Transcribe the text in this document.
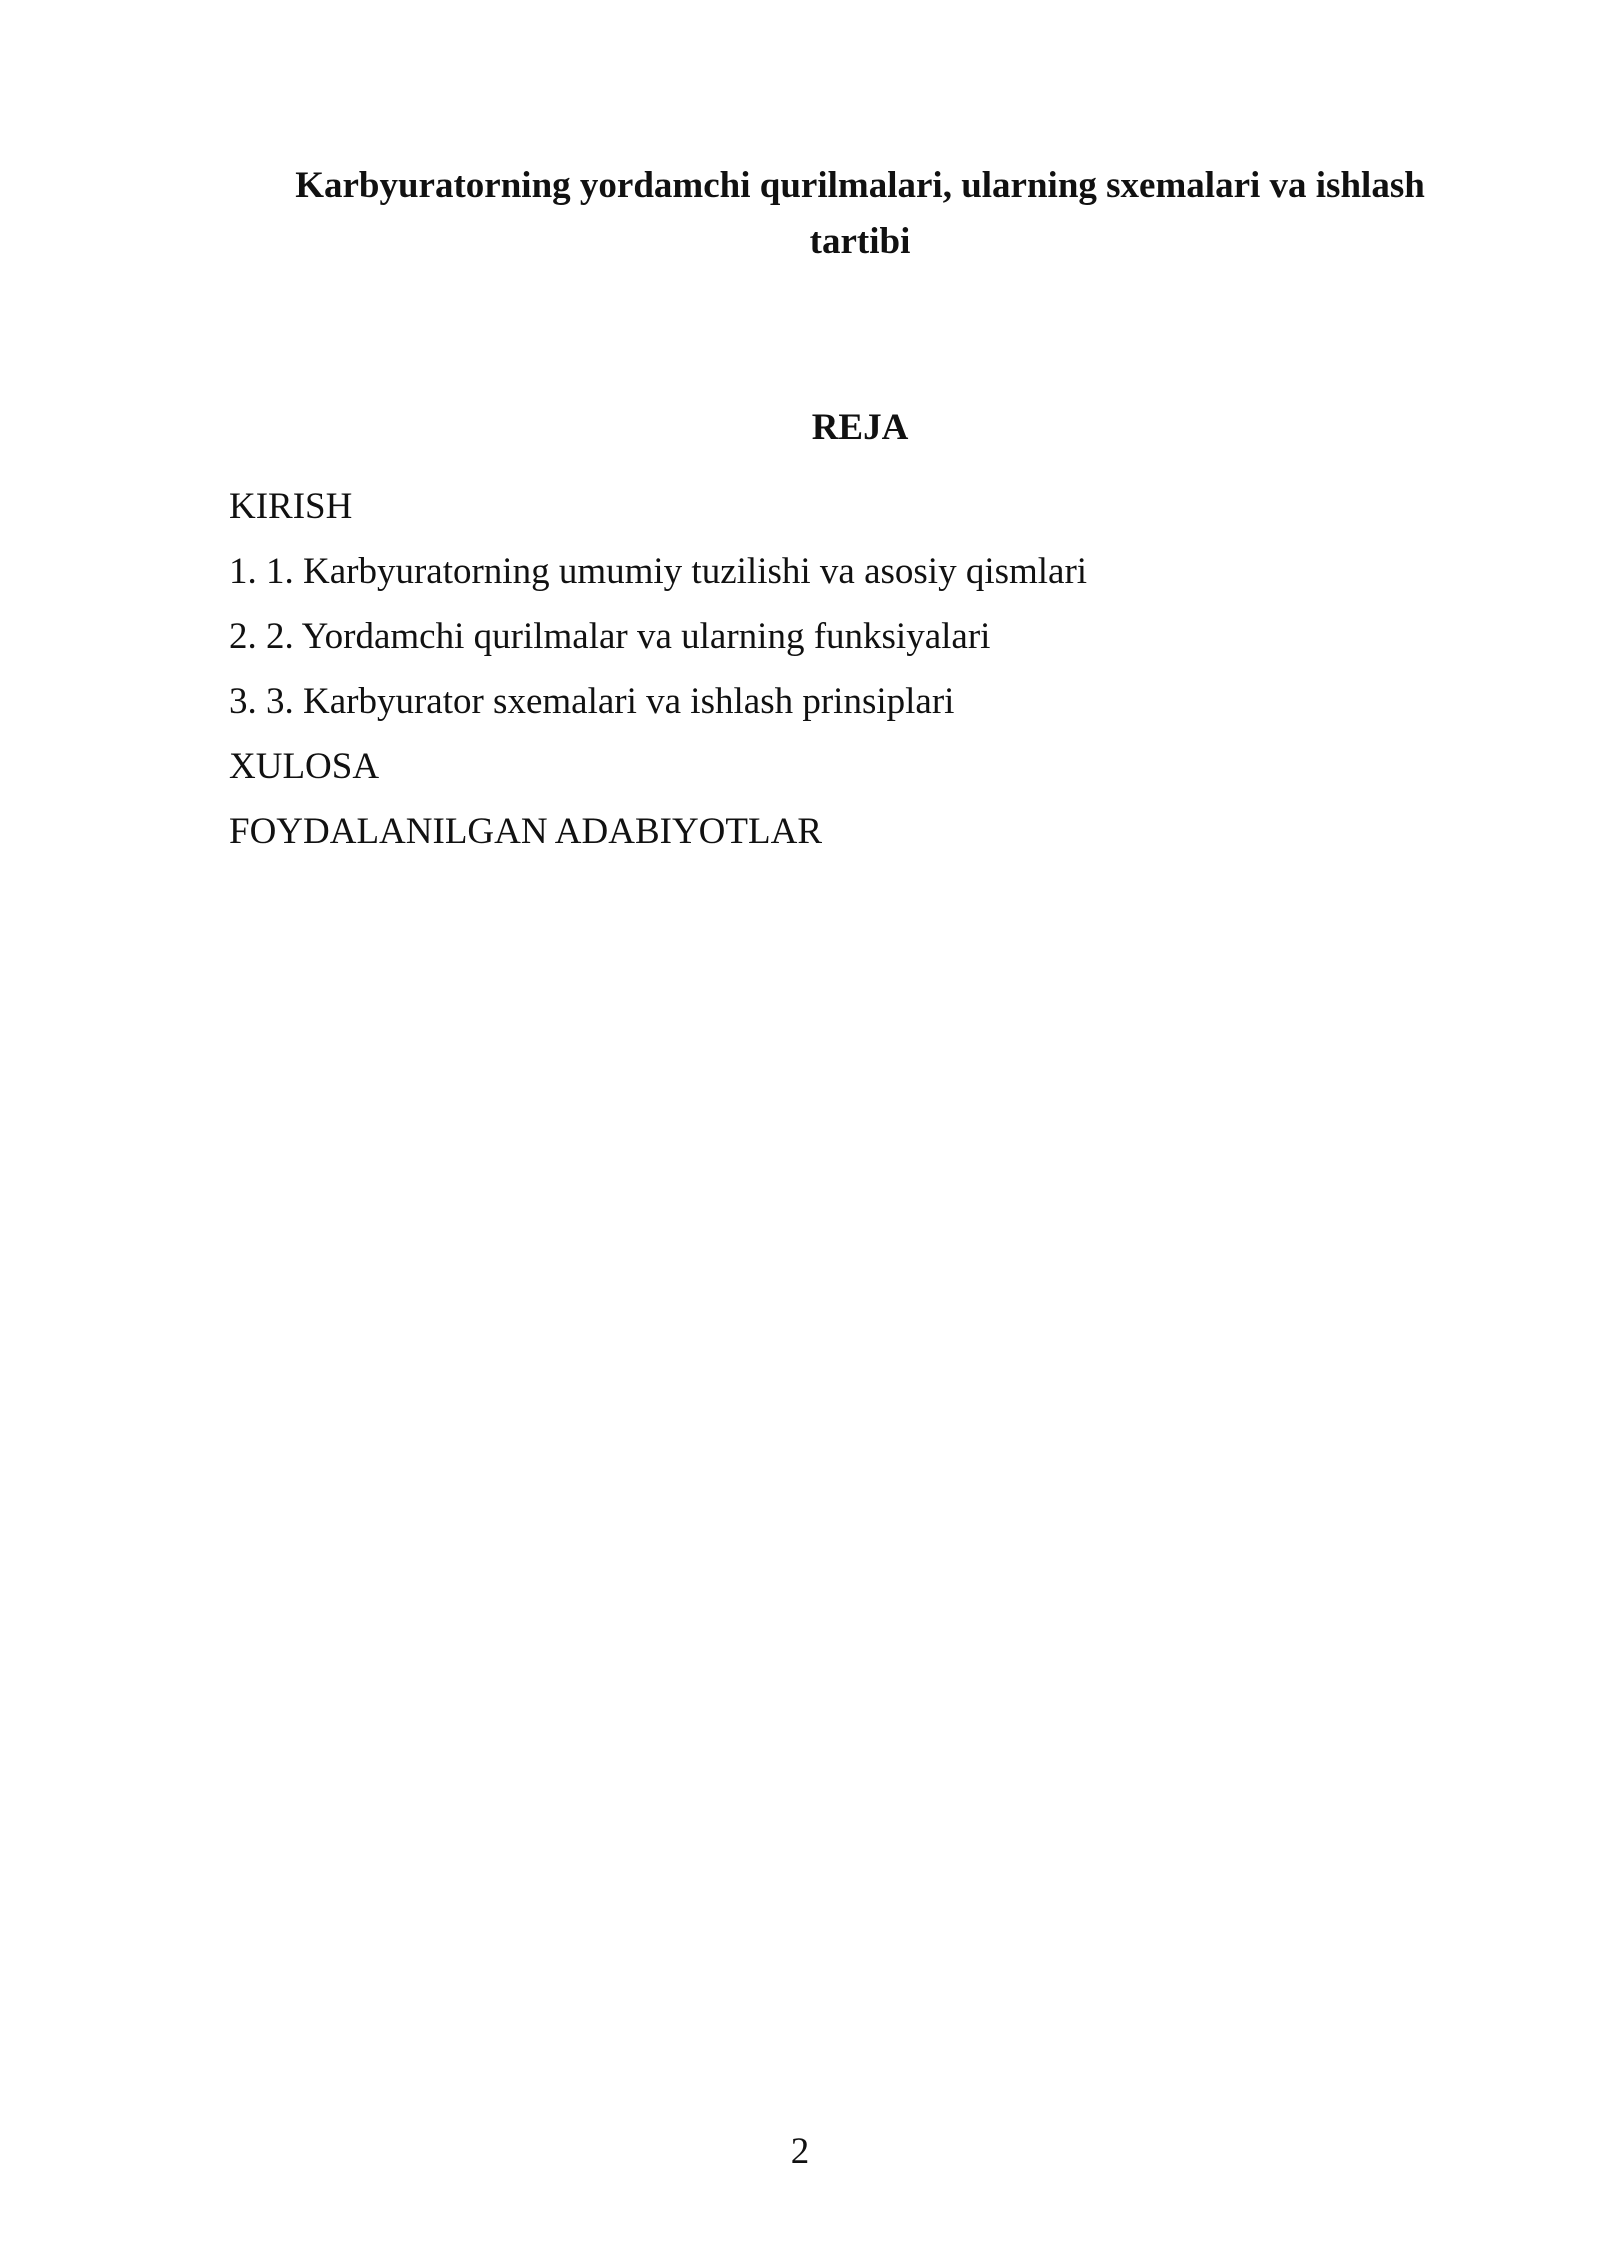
Karbyuratorning yordamchi qurilmalari, ularning sxemalari va ishlash
tartibi
REJA
KIRISH
1. 1. Karbyuratorning umumiy tuzilishi va asosiy qismlari
2. 2. Yordamchi qurilmalar va ularning funksiyalari
3. 3. Karbyurator sxemalari va ishlash prinsiplari
XULOSA
FOYDALANILGAN ADABIYOTLAR
2
